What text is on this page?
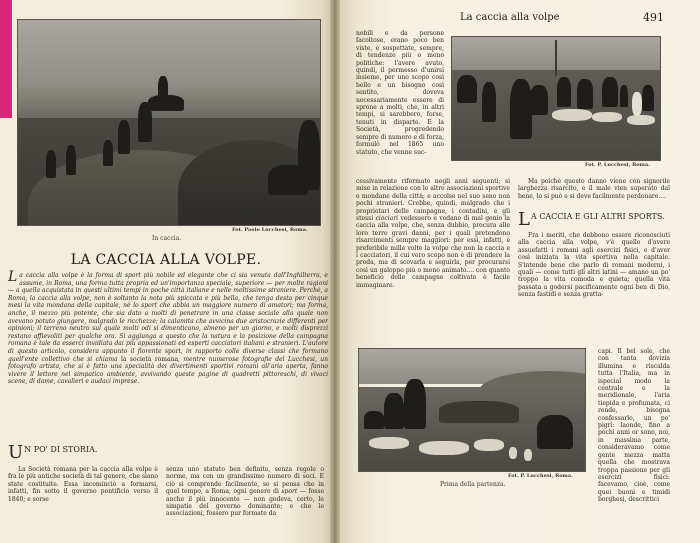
Fot. Paolo Lucchesi, Roma.
In caccia.
LA CACCIA ALLA VOLPE.
La caccia alla volpe è la forma di sport più nobile ed elegante che ci sia venuta dall'Inghilterra, e assume, in Roma, una forma tutta propria ed un'importanza speciale, superiore — per molte ragioni — a quella acquistata in questi ultimi tempi in poche città italiane e nelle moltissime straniere. Perchè, a Roma, la caccia alla volpe, non è soltanto la nota più spiccata e più bella, che tenga desta per cinque mesi la vita mondana della capitale, nè lo sport che abbia un maggiore numero di amatori; ma forma, anche, il mezzo più potente, che sia dato a molti di penetrare in una classe sociale alla quale non avevano potuto giungere, malgrado le ricchezze; la calamita che avvicina due aristocrazie differenti per opinioni; il terreno neutro sul quale molti odi si dimenticano, almeno per un giorno, e molti disprezzi restano affievoliti per qualche ora. Si aggiunga a questo che la natura e la posizione della campagna romana è tale da esserci invidiata dai più appassionati ed esperti cacciatori italiani e stranieri. L'autore di questo articolo, considera appunto il fiorente sport, in rapporto colle diverse classi che formano quell'ente collettivo che si chiama la società romana, mentre numerose fotografie del Lucchesi, un fotografo artista, che si è fatto una specialità dei divertimenti sportivi romani all'aria aperta, fanno vivere il lettore nel simpatico ambiente, avvivando queste pagine di quadretti pittoreschi, di vivaci scene, di dame, cavalieri e audaci imprese.
UN PO' DI STORIA.
La Società romana per la caccia alla volpe è fra le più antiche società di tal genere, che siano state costituite. Essa incominciò a formarsi, infatti, fin sotto il governo pontificio verso il 1840; e sorse
senza uno statuto ben definito, senza regole o norme, ma con un grandissimo numero di soci. E ciò si comprende facilmente, se si pensa che in quel tempo, a Roma, ogni genere di sport — fosse anche il più innocente — non godeva, certo, le simpatie del governo dominante; e che le associazioni, fossero pur formate da
La caccia alla volpe	491
nobili e da persone facoltose, erano poco ben viste, e sospettate, sempre, di tendenze più o meno politiche: l'avere avuto, quindi, il permesso d'unirsi insieme, per uno scopo così bello e un bisogno così sentito, doveva necessariamente essere di sprone a molti, che, in altri tempi, si sarebbero, forse, tenuti in disparte. E la Società, progredendo sempre di numero e di forza, formulò nel 1865 uno statuto, che venne suc-
Fot. P. Lucchesi, Roma.
cessivamente riformato negli anni seguenti; si mise in relazione con le altre associazioni sportive e mondane della città; e accolse nel suo seno non pochi stranieri. Crebbe, quindi, malgrado che i proprietari delle campagne, i contadini, e gli stessi ciociari vedessero e vedano di mal genio la caccia alla volpe, che, senza dubbio, procura alle loro terre gravi danni, per i quali pretendono risarcimenti sempre maggiori: per essi, infatti, è preferibile mille volte la volpe che non la caccia e i cacciatori, il cui vero scopo non è di prendere la preda, ma di scovarla e seguirla, per procurarsi così un galoppo più o meno animato.... con quanto beneficio delle campagne coltivate è facile immaginare.
Ma poichè questo danno viene con signorile larghezza risarcito, e il male vien superato dal bene, lo si può e si deve facilmente perdonare....
LA CACCIA E GLI ALTRI SPORTS.
Fra i meriti, che debbono essere riconosciuti alla caccia alla volpe, v'è quello d'avere assuefatti i romani agli esercizi fisici, e d'aver così iniziata la vita sportiva nella capitale. S'intende bene che parlo di romani moderni, i quali — come tutti gli altri latini — amano un po' troppo la vita comoda e quieta; quella vita passata a godersi pacificamente ogni ben di Dio, senza fastidi e senza gratta-
capi. Il bel sole, che con tanta dovizia illumina e riscalda tutta l'Italia, ma in ispecial modo la centrale e la meridionale, l'aria tiepida e profumata, ci rende, bisogna confessarlo, un po' pigri: laonde, fino a pochi anni or sono, noi, in massima parte, consideravamo come gente mezza matta quella che mostrava troppa passione per gli esercizi fisici: facevamo, cioè, come quei buoni e timidi borghesi, descrittici
Fot. P. Lucchesi, Roma.
Prima della partenza.
